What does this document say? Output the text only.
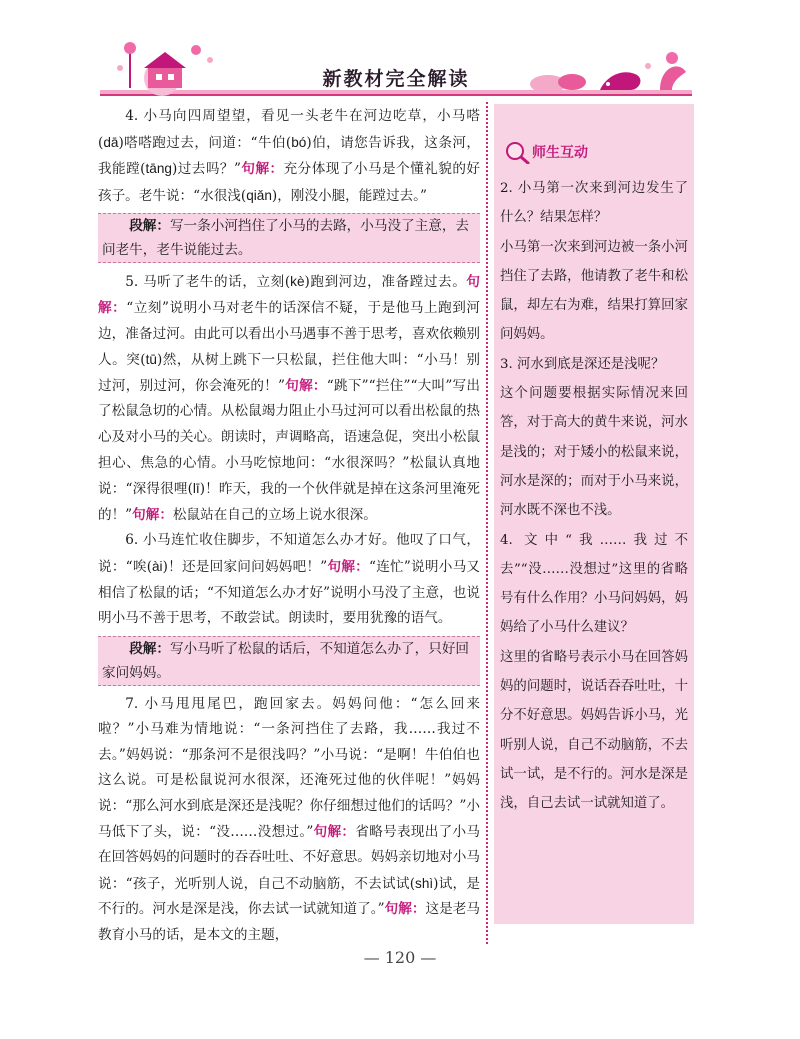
新教材完全解读

4. 小马向四周望望，看见一头老牛在河边吃草，小马嗒(dā)嗒嗒跑过去，问道：“牛伯(bó)伯，请您告诉我，这条河，我能蹚(tāng)过去吗？”句解：充分体现了小马是个懂礼貌的好孩子。老牛说：“水很浅(qiǎn)，刚没小腿，能蹚过去。”

段解：写一条小河挡住了小马的去路，小马没了主意，去问老牛，老牛说能过去。

5. 马听了老牛的话，立刻(kè)跑到河边，准备蹚过去。句解：“立刻”说明小马对老牛的话深信不疑，于是他马上跑到河边，准备过河。由此可以看出小马遇事不善于思考，喜欢依赖别人。突(tū)然，从树上跳下一只松鼠，拦住他大叫：“小马！别过河，别过河，你会淹死的！”句解：“跳下”“拦住”“大叫”写出了松鼠急切的心情。从松鼠竭力阻止小马过河可以看出松鼠的热心及对小马的关心。朗读时，声调略高，语速急促，突出小松鼠担心、焦急的心情。小马吃惊地问：“水很深吗？”松鼠认真地说：“深得很哩(lī)！昨天，我的一个伙伴就是掉在这条河里淹死的！”句解：松鼠站在自己的立场上说水很深。

6. 小马连忙收住脚步，不知道怎么办才好。他叹了口气，说：“唉(ài)！还是回家问问妈妈吧！”句解：“连忙”说明小马又相信了松鼠的话；“不知道怎么办才好”说明小马没了主意，也说明小马不善于思考，不敢尝试。朗读时，要用犹豫的语气。

段解：写小马听了松鼠的话后，不知道怎么办了，只好回家问妈妈。

7. 小马甩甩尾巴，跑回家去。妈妈问他：“怎么回来啦？”小马难为情地说：“一条河挡住了去路，我……我过不去。”妈妈说：“那条河不是很浅吗？”小马说：“是啊！牛伯伯也这么说。可是松鼠说河水很深，还淹死过他的伙伴呢！”妈妈说：“那么河水到底是深还是浅呢？你仔细想过他们的话吗？”小马低下了头，说：“没……没想过。”句解：省略号表现出了小马在回答妈妈的问题时的吞吞吐吐、不好意思。妈妈亲切地对小马说：“孩子，光听别人说，自己不动脑筋，不去试试(shì)试，是不行的。河水是深是浅，你去试一试就知道了。”句解：这是老马教育小马的话，是本文的主题，

师生互动

2. 小马第一次来到河边发生了什么？结果怎样？

小马第一次来到河边被一条小河挡住了去路，他请教了老牛和松鼠，却左右为难，结果打算回家问妈妈。

3. 河水到底是深还是浅呢？

这个问题要根据实际情况来回答，对于高大的黄牛来说，河水是浅的；对于矮小的松鼠来说，河水是深的；而对于小马来说，河水既不深也不浅。

4. 文中“我……我过不去”“没……没想过”这里的省略号有什么作用？小马问妈妈，妈妈给了小马什么建议？

这里的省略号表示小马在回答妈妈的问题时，说话吞吞吐吐，十分不好意思。妈妈告诉小马，光听别人说，自己不动脑筋，不去试一试，是不行的。河水是深是浅，自己去试一试就知道了。

— 120 —
